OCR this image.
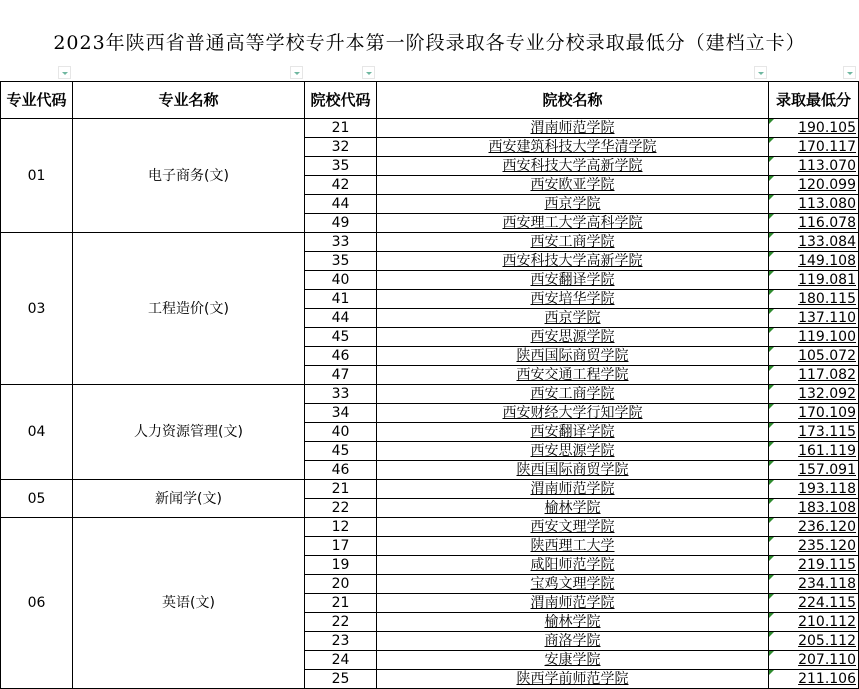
2023年陕西省普通高等学校专升本第一阶段录取各专业分校录取最低分（建档立卡）
专业代码	专业名称	院校代码	院校名称	录取最低分
01	电子商务(文)	21	渭南师范学院	190.105
		32	西安建筑科技大学华清学院	170.117
		35	西安科技大学高新学院	113.070
		42	西安欧亚学院	120.099
		44	西京学院	113.080
		49	西安理工大学高科学院	116.078
03	工程造价(文)	33	西安工商学院	133.084
		35	西安科技大学高新学院	149.108
		40	西安翻译学院	119.081
		41	西安培华学院	180.115
		44	西京学院	137.110
		45	西安思源学院	119.100
		46	陕西国际商贸学院	105.072
		47	西安交通工程学院	117.082
04	人力资源管理(文)	33	西安工商学院	132.092
		34	西安财经大学行知学院	170.109
		40	西安翻译学院	173.115
		45	西安思源学院	161.119
		46	陕西国际商贸学院	157.091
05	新闻学(文)	21	渭南师范学院	193.118
		22	榆林学院	183.108
06	英语(文)	12	西安文理学院	236.120
		17	陕西理工大学	235.120
		19	咸阳师范学院	219.115
		20	宝鸡文理学院	234.118
		21	渭南师范学院	224.115
		22	榆林学院	210.112
		23	商洛学院	205.112
		24	安康学院	207.110
		25	陕西学前师范学院	211.106
